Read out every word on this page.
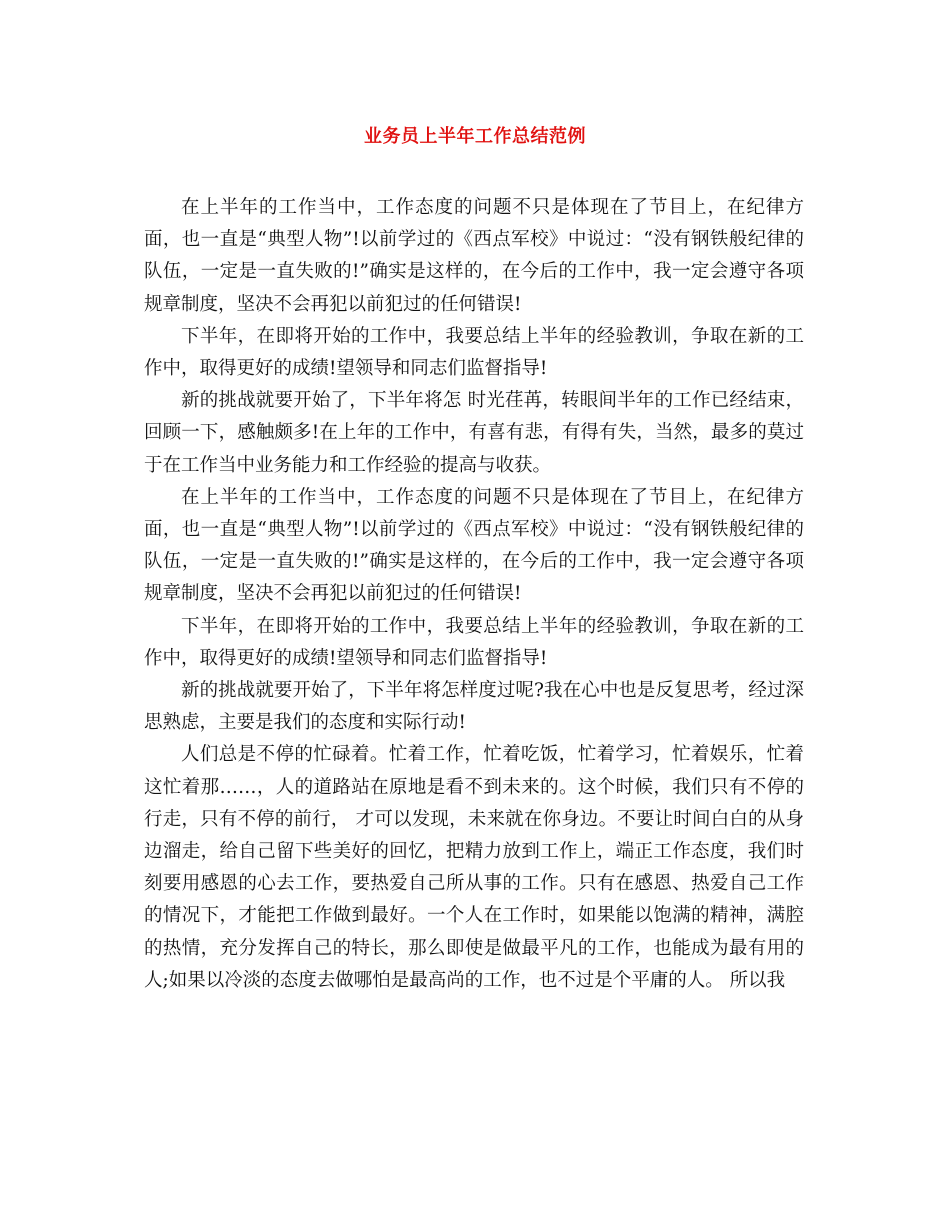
业务员上半年工作总结范例

在上半年的工作当中，工作态度的问题不只是体现在了节目上，在纪律方面，也一直是“典型人物”!以前学过的《西点军校》中说过：“没有钢铁般纪律的队伍，一定是一直失败的!”确实是这样的，在今后的工作中，我一定会遵守各项规章制度，坚决不会再犯以前犯过的任何错误!

下半年，在即将开始的工作中，我要总结上半年的经验教训，争取在新的工作中，取得更好的成绩!望领导和同志们监督指导!

新的挑战就要开始了，下半年将怎 时光荏苒，转眼间半年的工作已经结束，回顾一下，感触颇多!在上年的工作中，有喜有悲，有得有失，当然，最多的莫过于在工作当中业务能力和工作经验的提高与收获。

在上半年的工作当中，工作态度的问题不只是体现在了节目上，在纪律方面，也一直是“典型人物”!以前学过的《西点军校》中说过：“没有钢铁般纪律的队伍，一定是一直失败的!”确实是这样的，在今后的工作中，我一定会遵守各项规章制度，坚决不会再犯以前犯过的任何错误!

下半年，在即将开始的工作中，我要总结上半年的经验教训，争取在新的工作中，取得更好的成绩!望领导和同志们监督指导!

新的挑战就要开始了，下半年将怎样度过呢?我在心中也是反复思考，经过深思熟虑，主要是我们的态度和实际行动!

人们总是不停的忙碌着。忙着工作，忙着吃饭，忙着学习，忙着娱乐，忙着这忙着那……，人的道路站在原地是看不到未来的。这个时候，我们只有不停的行走，只有不停的前行， 才可以发现，未来就在你身边。不要让时间白白的从身边溜走，给自己留下些美好的回忆，把精力放到工作上，端正工作态度，我们时刻要用感恩的心去工作，要热爱自己所从事的工作。只有在感恩、热爱自己工作的情况下，才能把工作做到最好。一个人在工作时，如果能以饱满的精神，满腔的热情，充分发挥自己的特长，那么即使是做最平凡的工作，也能成为最有用的人;如果以冷淡的态度去做哪怕是最高尚的工作，也不过是个平庸的人。 所以我
